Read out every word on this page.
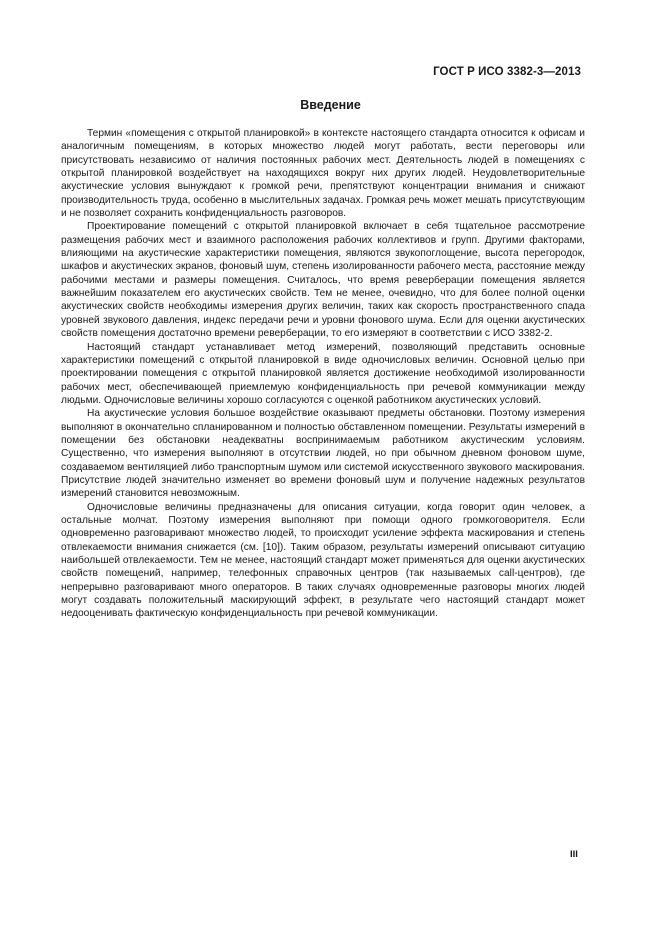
ГОСТ Р ИСО 3382-3—2013
Введение

Термин «помещения с открытой планировкой» в контексте настоящего стандарта относится к офисам и аналогичным помещениям, в которых множество людей могут работать, вести переговоры или присутствовать независимо от наличия постоянных рабочих мест. Деятельность людей в помещениях с открытой планировкой воздействует на находящихся вокруг них других людей. Неудовлетворительные акустические условия вынуждают к громкой речи, препятствуют концентрации внимания и снижают производительность труда, особенно в мыслительных задачах. Громкая речь может мешать присутствующим и не позволяет сохранить конфиденциальность разговоров.

Проектирование помещений с открытой планировкой включает в себя тщательное рассмотрение размещения рабочих мест и взаимного расположения рабочих коллективов и групп. Другими факторами, влияющими на акустические характеристики помещения, являются звукопоглощение, высота перегородок, шкафов и акустических экранов, фоновый шум, степень изолированности рабочего места, расстояние между рабочими местами и размеры помещения. Считалось, что время реверберации помещения является важнейшим показателем его акустических свойств. Тем не менее, очевидно, что для более полной оценки акустических свойств необходимы измерения других величин, таких как скорость пространственного спада уровней звукового давления, индекс передачи речи и уровни фонового шума. Если для оценки акустических свойств помещения достаточно времени реверберации, то его измеряют в соответствии с ИСО 3382-2.

Настоящий стандарт устанавливает метод измерений, позволяющий представить основные характеристики помещений с открытой планировкой в виде одночисловых величин. Основной целью при проектировании помещения с открытой планировкой является достижение необходимой изолированности рабочих мест, обеспечивающей приемлемую конфиденциальность при речевой коммуникации между людьми. Одночисловые величины хорошо согласуются с оценкой работником акустических условий.

На акустические условия большое воздействие оказывают предметы обстановки. Поэтому измерения выполняют в окончательно спланированном и полностью обставленном помещении. Результаты измерений в помещении без обстановки неадекватны воспринимаемым работником акустическим условиям. Существенно, что измерения выполняют в отсутствии людей, но при обычном дневном фоновом шуме, создаваемом вентиляцией либо транспортным шумом или системой искусственного звукового маскирования. Присутствие людей значительно изменяет во времени фоновый шум и получение надежных результатов измерений становится невозможным.

Одночисловые величины предназначены для описания ситуации, когда говорит один человек, а остальные молчат. Поэтому измерения выполняют при помощи одного громкоговорителя. Если одновременно разговаривают множество людей, то происходит усиление эффекта маскирования и степень отвлекаемости внимания снижается (см. [10]). Таким образом, результаты измерений описывают ситуацию наибольшей отвлекаемости. Тем не менее, настоящий стандарт может применяться для оценки акустических свойств помещений, например, телефонных справочных центров (так называемых call-центров), где непрерывно разговаривают много операторов. В таких случаях одновременные разговоры многих людей могут создавать положительный маскирующий эффект, в результате чего настоящий стандарт может недооценивать фактическую конфиденциальность при речевой коммуникации.

III
